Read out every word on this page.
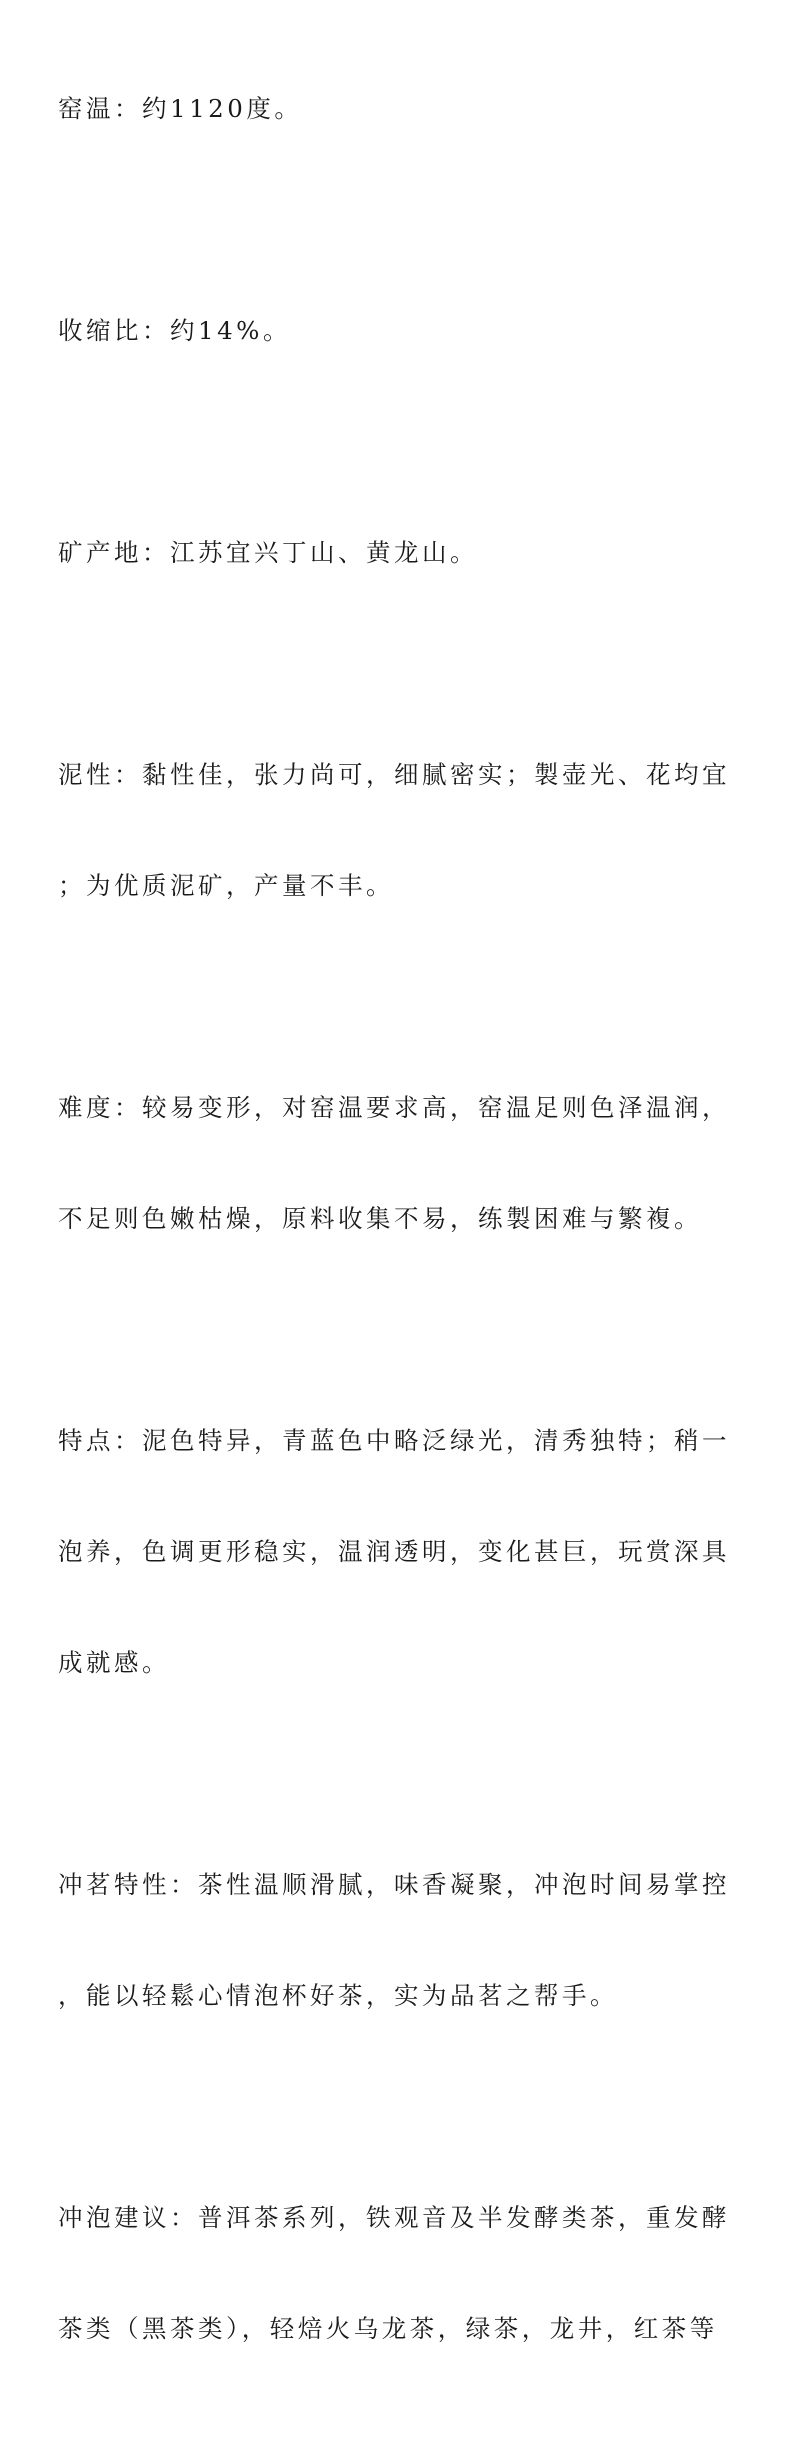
窑温：约1120度。

收缩比：约14%。

矿产地：江苏宜兴丁山、黄龙山。

泥性：黏性佳，张力尚可，细腻密实；製壶光、花均宜

；为优质泥矿，产量不丰。

难度：较易变形，对窑温要求高，窑温足则色泽温润，

不足则色嫩枯燥，原料收集不易，练製困难与繁複。

特点：泥色特异，青蓝色中略泛绿光，清秀独特；稍一

泡养，色调更形稳实，温润透明，变化甚巨，玩赏深具

成就感。

冲茗特性：茶性温顺滑腻，味香凝聚，冲泡时间易掌控

，能以轻鬆心情泡杯好茶，实为品茗之帮手。

冲泡建议：普洱茶系列，铁观音及半发酵类茶，重发酵

茶类（黑茶类），轻焙火乌龙茶，绿茶，龙井，红茶等
